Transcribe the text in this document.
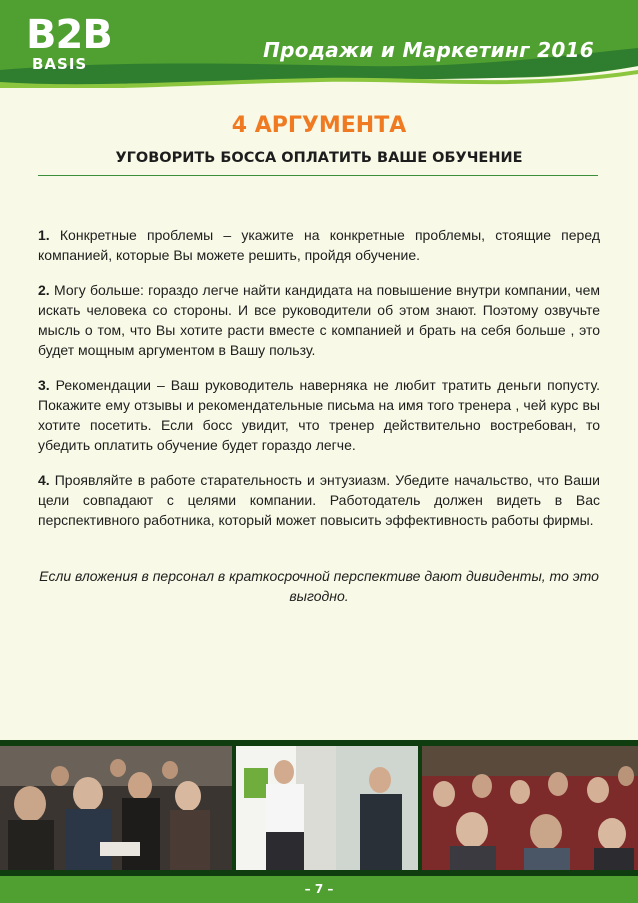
B2B
BASIS
Продажи и Маркетинг 2016
4 АРГУМЕНТА
УГОВОРИТЬ БОССА ОПЛАТИТЬ ВАШЕ ОБУЧЕНИЕ

1. Конкретные проблемы – укажите на конкретные проблемы, стоящие перед компанией, которые Вы можете решить, пройдя обучение.

2. Могу больше: гораздо легче найти кандидата на повышение внутри компании, чем искать человека со стороны. И все руководители об этом знают. Поэтому озвучьте мысль о том, что Вы хотите расти вместе с компанией и брать на себя больше , это будет мощным аргументом в Вашу пользу.

3. Рекомендации – Ваш руководитель наверняка не любит тратить деньги попусту. Покажите ему отзывы и рекомендательные письма на имя того тренера , чей курс вы хотите посетить. Если босс увидит, что тренер действительно востребован, то убедить оплатить обучение будет гораздо легче.

4. Проявляйте в работе старательность и энтузиазм. Убедите начальство, что Ваши цели совпадают с целями компании. Работодатель должен видеть в Вас перспективного работника, который может повысить эффективность работы фирмы.

Если вложения в персонал в краткосрочной перспективе дают дивиденты, то это выгодно.
– 7 –
